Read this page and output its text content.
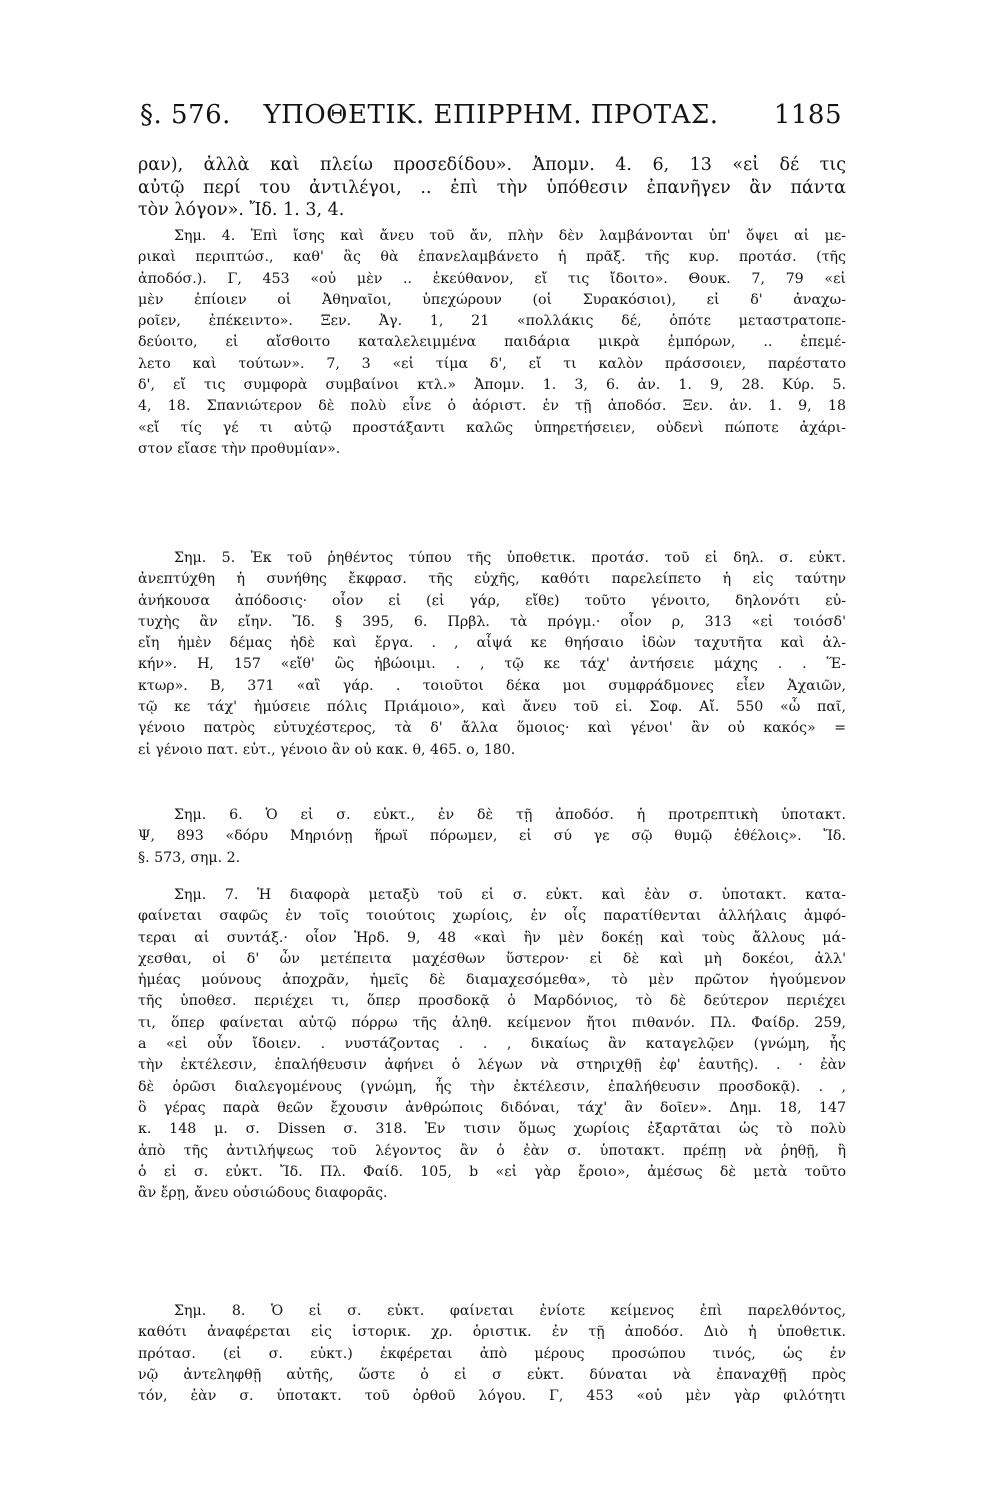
§. 576.	ΥΠΟΘΕΤΙΚ. ΕΠΙΡΡΗΜ. ΠΡΟΤΑΣ.	1185
ραν), ἀλλὰ καὶ πλείω προσεδίδου». Ἀπομν. 4. 6, 13 «εἰ δέ τις
αὐτῷ περί του ἀντιλέγοι, .. ἐπὶ τὴν ὑπόθεσιν ἐπανῆγεν ἂν πάντα
τὸν λόγον». Ἴδ. 1. 3, 4.
Σημ. 4. Ἐπὶ ἴσης καὶ ἄνευ τοῦ ἄν, πλὴν δὲν λαμβάνονται ὑπ' ὄψει αἱ με-
ρικαὶ περιπτώσ., καθ' ἃς θὰ ἐπανελαμβάνετο ἡ πρᾶξ. τῆς κυρ. προτάσ. (τῆς
ἀποδόσ.). Γ, 453 «οὐ μὲν .. ἐκεύθανον, εἴ τις ἴδοιτο». Θουκ. 7, 79 «εἰ
μὲν ἐπίοιεν οἱ Ἀθηναῖοι, ὑπεχώρουν (οἱ Συρακόσιοι), εἰ δ' ἀναχω-
ροῖεν, ἐπέκειντο». Ξεν. Ἀγ. 1, 21 «πολλάκις δέ, ὁπότε μεταστρατοπε-
δεύοιτο, εἰ αἴσθοιτο καταλελειμμένα παιδάρια μικρὰ ἐμπόρων, .. ἐπεμέ-
λετο καὶ τούτων». 7, 3 «εἰ τίμα δ', εἴ τι καλὸν πράσσοιεν, παρέστατο
δ', εἴ τις συμφορὰ συμβαίνοι κτλ.» Ἀπομν. 1. 3, 6. ἀν. 1. 9, 28. Κύρ. 5.
4, 18. Σπανιώτερον δὲ πολὺ εἶνε ὁ ἀόριστ. ἐν τῇ ἀποδόσ. Ξεν. ἀν. 1. 9, 18
«εἴ τίς γέ τι αὐτῷ προστάξαντι καλῶς ὑπηρετήσειεν, οὐδενὶ πώποτε ἀχάρι-
στον εἴασε τὴν προθυμίαν».
Σημ. 5. Ἐκ τοῦ ῥηθέντος τύπου τῆς ὑποθετικ. προτάσ. τοῦ εἰ δηλ. σ. εὐκτ.
ἀνεπτύχθη ἡ συνήθης ἔκφρασ. τῆς εὐχῆς, καθότι παρελείπετο ἡ εἰς ταύτην
ἀνήκουσα ἀπόδοσις· οἷον εἰ (εἰ γάρ, εἴθε) τοῦτο γένοιτο, δηλονότι εὐ-
τυχὴς ἂν εἴην. Ἴδ. § 395, 6. Πρβλ. τὰ πρόγμ.· οἷον ρ, 313 «εἰ τοιόσδ'
εἴη ἡμὲν δέμας ἠδὲ καὶ ἔργα. . , αἶψά κε θηήσαιο ἰδὼν ταχυτῆτα καὶ ἀλ-
κήν». Η, 157 «εἴθ' ὣς ἡβώοιμι. . , τῷ κε τάχ' ἀντήσειε μάχης . . Ἕ-
κτωρ». Β, 371 «αἲ γάρ. . τοιοῦτοι δέκα μοι συμφράδμονες εἶεν Ἀχαιῶν,
τῷ κε τάχ' ἠμύσειε πόλις Πριάμοιο», καὶ ἄνευ τοῦ εἰ. Σοφ. Αἴ. 550 «ὦ παῖ,
γένοιο πατρὸς εὐτυχέστερος, τὰ δ' ἄλλα ὅμοιος· καὶ γένοι' ἂν οὐ κακός» =
εἰ γένοιο πατ. εὐτ., γένοιο ἂν οὐ κακ. θ, 465. ο, 180.
Σημ. 6. Ὁ εἰ σ. εὐκτ., ἐν δὲ τῇ ἀποδόσ. ἡ προτρεπτικὴ ὑποτακτ.
Ψ, 893 «δόρυ Μηριόνῃ ἥρωϊ πόρωμεν, εἰ σύ γε σῷ θυμῷ ἐθέλοις». Ἴδ.
§. 573, σημ. 2.
Σημ. 7. Ἡ διαφορὰ μεταξὺ τοῦ εἰ σ. εὐκτ. καὶ ἐὰν σ. ὑποτακτ. κατα-
φαίνεται σαφῶς ἐν τοῖς τοιούτοις χωρίοις, ἐν οἷς παρατίθενται ἀλλήλαις ἀμφό-
τεραι αἱ συντάξ.· οἷον Ἡρδ. 9, 48 «καὶ ἢν μὲν δοκέῃ καὶ τοὺς ἄλλους μά-
χεσθαι, οἱ δ' ὦν μετέπειτα μαχέσθων ὕστερον· εἰ δὲ καὶ μὴ δοκέοι, ἀλλ'
ἡμέας μούνους ἀποχρᾶν, ἡμεῖς δὲ διαμαχεσόμεθα», τὸ μὲν πρῶτον ἡγούμενον
τῆς ὑποθεσ. περιέχει τι, ὅπερ προσδοκᾷ ὁ Μαρδόνιος, τὸ δὲ δεύτερον περιέχει
τι, ὅπερ φαίνεται αὐτῷ πόρρω τῆς ἀληθ. κείμενον ἤτοι πιθανόν. Πλ. Φαίδρ. 259,
a «εἰ οὖν ἴδοιεν. . νυστάζοντας . . , δικαίως ἂν καταγελῷεν (γνώμη, ἧς
τὴν ἐκτέλεσιν, ἐπαλήθευσιν ἀφήνει ὁ λέγων νὰ στηριχθῇ ἐφ' ἑαυτῆς). . · ἐὰν
δὲ ὁρῶσι διαλεγομένους (γνώμη, ἧς τὴν ἐκτέλεσιν, ἐπαλήθευσιν προσδοκᾷ). . ,
ὃ γέρας παρὰ θεῶν ἔχουσιν ἀνθρώποις διδόναι, τάχ' ἂν δοῖεν». Δημ. 18, 147
κ. 148 μ. σ. Dissen σ. 318. Ἐν τισιν ὅμως χωρίοις ἐξαρτᾶται ὡς τὸ πολὺ
ἀπὸ τῆς ἀντιλήψεως τοῦ λέγοντος ἂν ὁ ἐὰν σ. ὑποτακτ. πρέπῃ νὰ ῥηθῇ, ἢ
ὁ εἰ σ. εὐκτ. Ἴδ. Πλ. Φαίδ. 105, b «εἰ γὰρ ἔροιο», ἀμέσως δὲ μετὰ τοῦτο
ἂν ἔρῃ, ἄνευ οὐσιώδους διαφορᾶς.
Σημ. 8. Ὁ εἰ σ. εὐκτ. φαίνεται ἐνίοτε κείμενος ἐπὶ παρελθόντος,
καθότι ἀναφέρεται εἰς ἱστορικ. χρ. ὁριστικ. ἐν τῇ ἀποδόσ. Διὸ ἡ ὑποθετικ.
πρότασ. (εἰ σ. εὐκτ.) ἐκφέρεται ἀπὸ μέρους προσώπου τινός, ὡς ἐν
νῷ ἀντεληφθῇ αὐτῆς, ὥστε ὁ εἰ σ εὐκτ. δύναται νὰ ἐπαναχθῇ πρὸς
τόν, ἐὰν σ. ὑποτακτ. τοῦ ὀρθοῦ λόγου. Γ, 453 «οὐ μὲν γὰρ φιλότητι
